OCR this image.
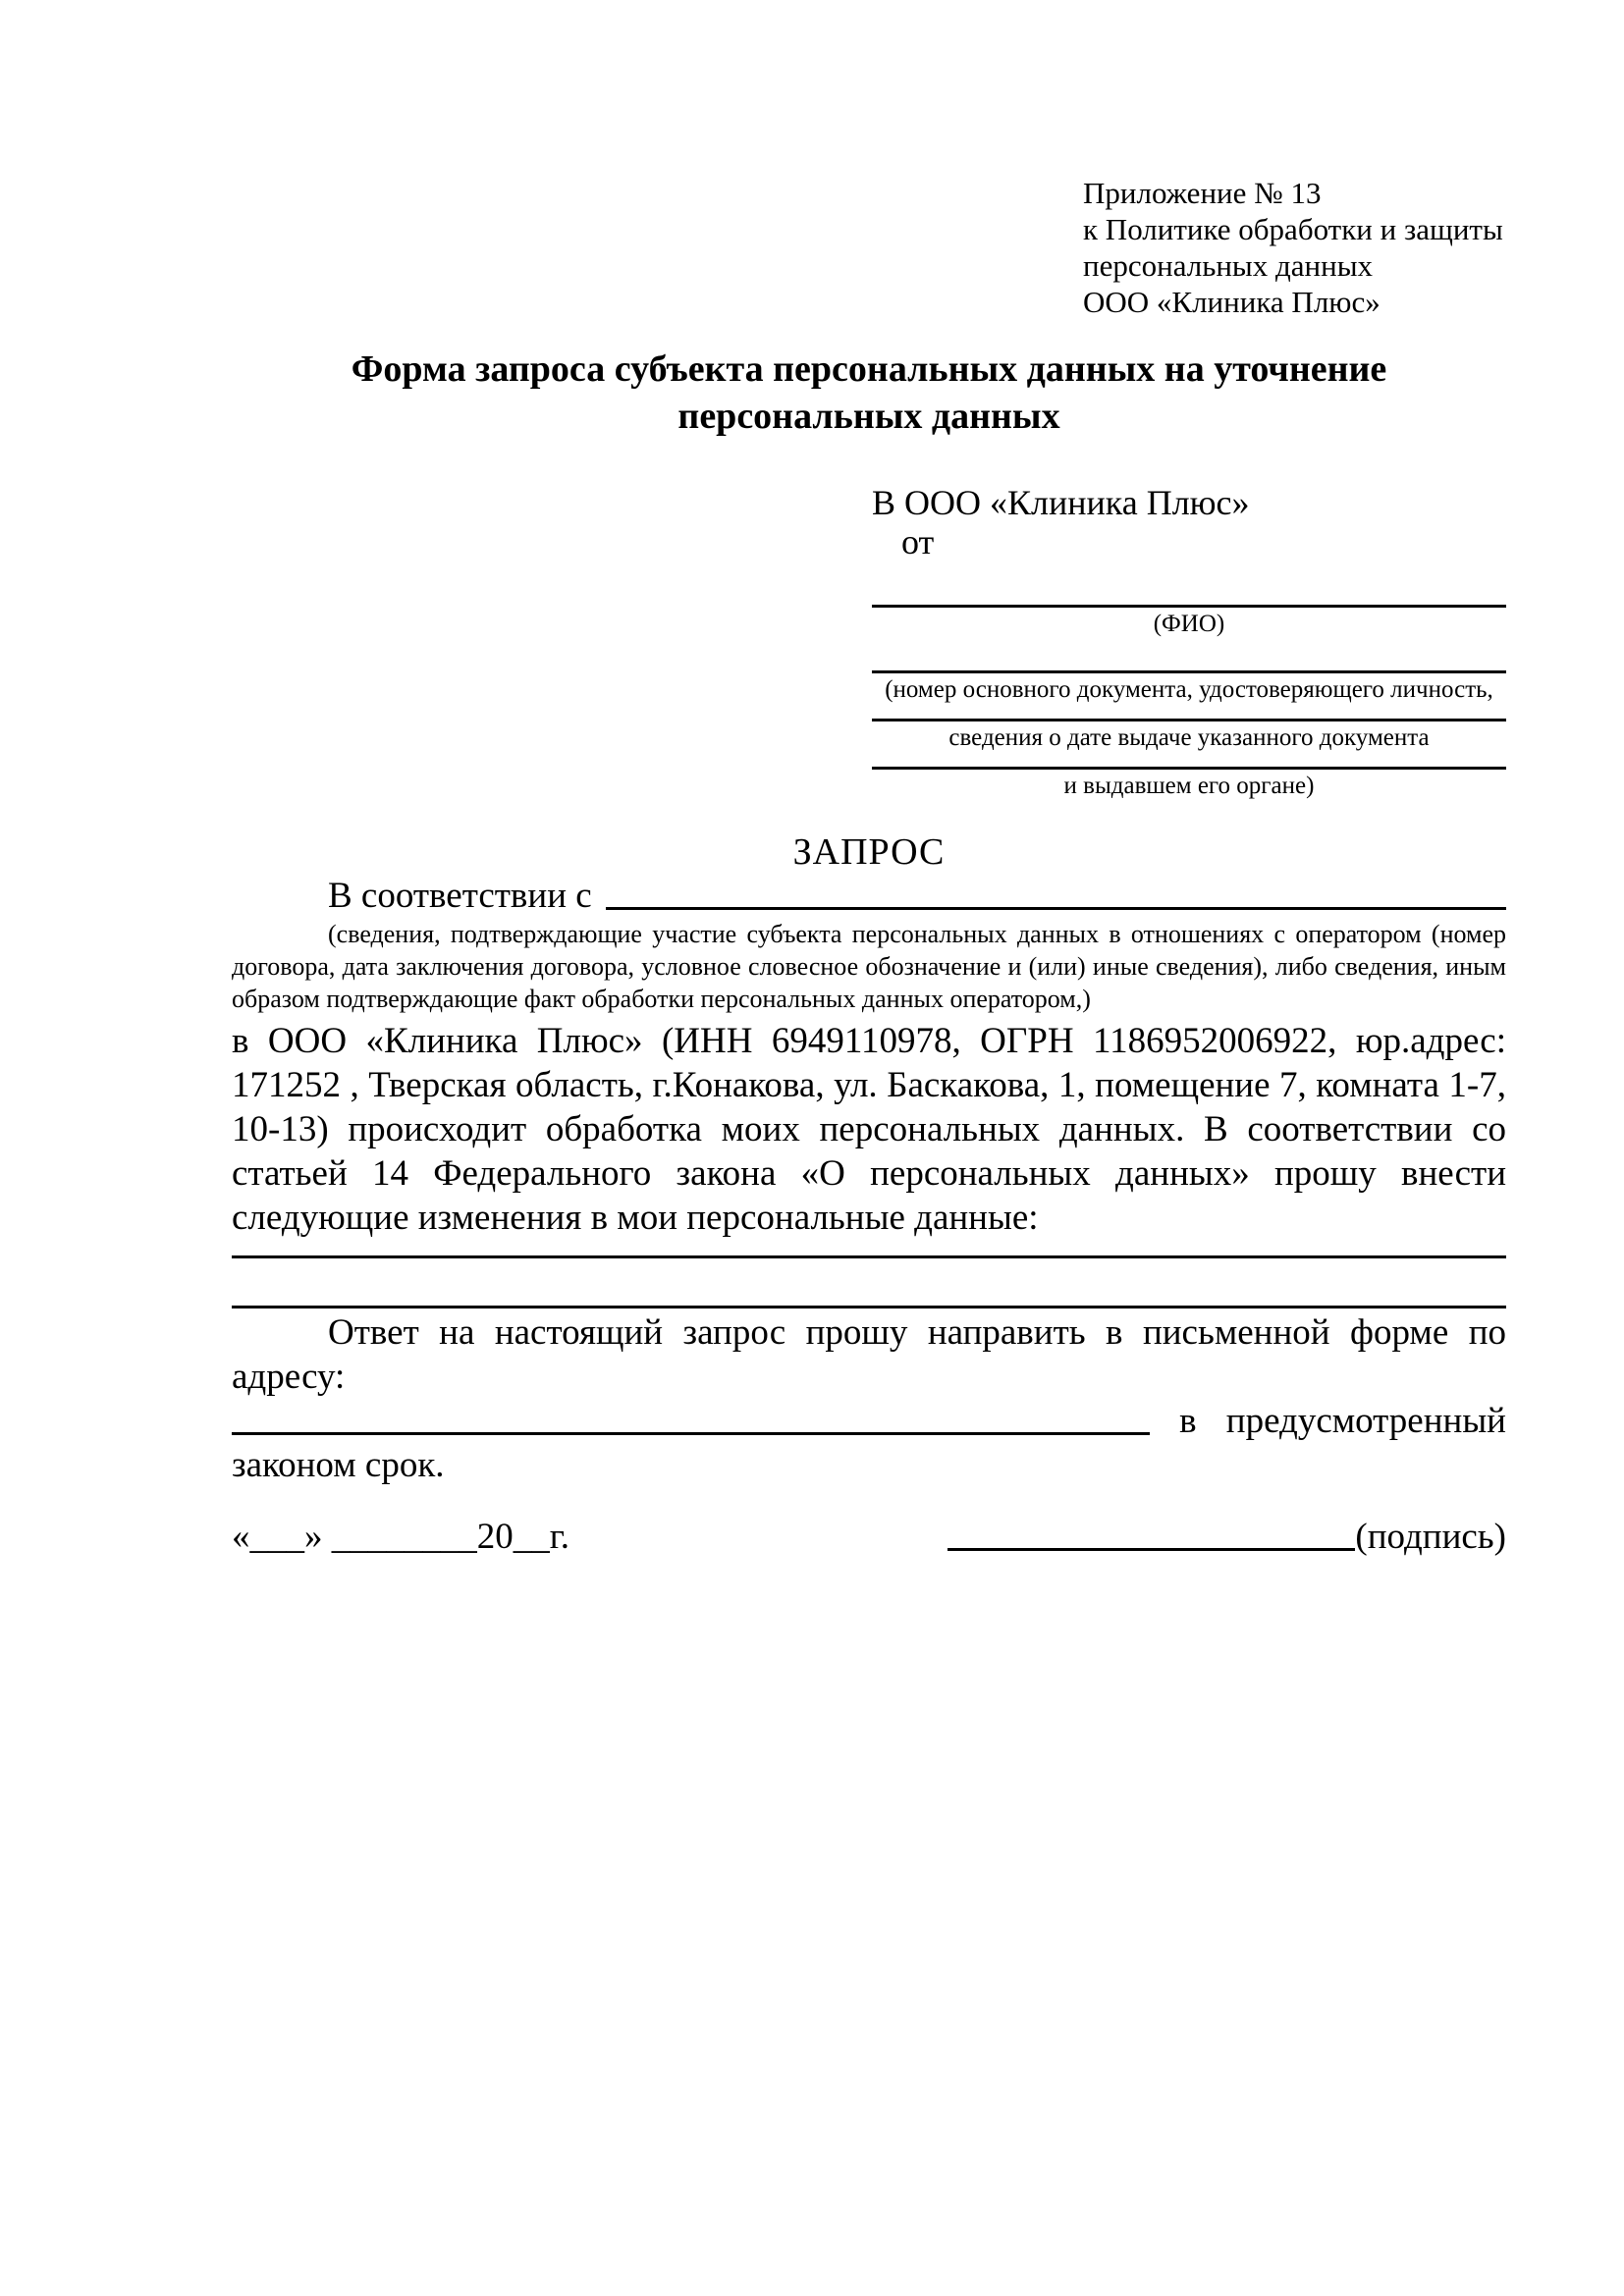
Приложение № 13
к Политике обработки и защиты
персональных данных
ООО «Клиника Плюс»
Форма запроса субъекта персональных данных на уточнение персональных данных
В ООО «Клиника Плюс»
от
(ФИО)
(номер основного документа, удостоверяющего личность,
сведения о дате выдаче указанного документа
и выдавшем его органе)
ЗАПРОС
В соответствии с

(сведения, подтверждающие участие субъекта персональных данных в отношениях с оператором (номер договора, дата заключения договора, условное словесное обозначение и (или) иные сведения), либо сведения, иным образом подтверждающие факт обработки персональных данных оператором,)

в ООО «Клиника Плюс» (ИНН 6949110978, ОГРН 1186952006922, юр.адрес: 171252 , Тверская область, г.Конакова, ул. Баскакова, 1, помещение 7, комната 1-7, 10-13) происходит обработка моих персональных данных. В соответствии со статьей 14 Федерального закона «О персональных данных» прошу внести следующие изменения в мои персональные данные:

Ответ на настоящий запрос прошу направить в письменной форме по адресу:

в предусмотренный
законом срок.
«___» ________20__г.	(подпись)
